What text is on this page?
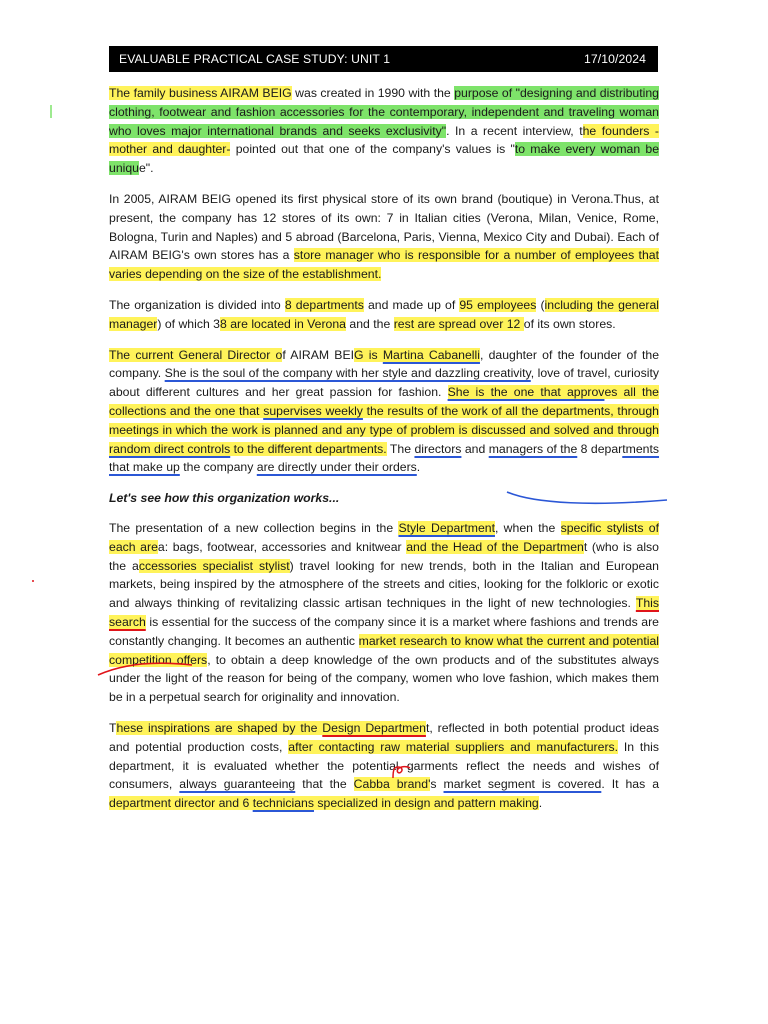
EVALUABLE PRACTICAL CASE STUDY: UNIT 1	17/10/2024

The family business AIRAM BEIG was created in 1990 with the purpose of "designing and distributing clothing, footwear and fashion accessories for the contemporary, independent and traveling woman who loves major international brands and seeks exclusivity". In a recent interview, the founders -mother and daughter- pointed out that one of the company's values is "to make every woman be unique".

In 2005, AIRAM BEIG opened its first physical store of its own brand (boutique) in Verona.Thus, at present, the company has 12 stores of its own: 7 in Italian cities (Verona, Milan, Venice, Rome, Bologna, Turin and Naples) and 5 abroad (Barcelona, Paris, Vienna, Mexico City and Dubai). Each of AIRAM BEIG's own stores has a store manager who is responsible for a number of employees that varies depending on the size of the establishment.

The organization is divided into 8 departments and made up of 95 employees (including the general manager) of which 38 are located in Verona and the rest are spread over 12 of its own stores.

The current General Director of AIRAM BEIG is Martina Cabanelli, daughter of the founder of the company. She is the soul of the company with her style and dazzling creativity, love of travel, curiosity about different cultures and her great passion for fashion. She is the one that approves all the collections and the one that supervises weekly the results of the work of all the departments, through meetings in which the work is planned and any type of problem is discussed and solved and through random direct controls to the different departments. The directors and managers of the 8 departments that make up the company are directly under their orders.

Let's see how this organization works...

The presentation of a new collection begins in the Style Department, when the specific stylists of each area: bags, footwear, accessories and knitwear and the Head of the Department (who is also the accessories specialist stylist) travel looking for new trends, both in the Italian and European markets, being inspired by the atmosphere of the streets and cities, looking for the folkloric or exotic and always thinking of revitalizing classic artisan techniques in the light of new technologies. This search is essential for the success of the company since it is a market where fashions and trends are constantly changing. It becomes an authentic market research to know what the current and potential competition offers, to obtain a deep knowledge of the own products and of the substitutes always under the light of the reason for being of the company, women who love fashion, which makes them be in a perpetual search for originality and innovation.

These inspirations are shaped by the Design Department, reflected in both potential product ideas and potential production costs, after contacting raw material suppliers and manufacturers. In this department, it is evaluated whether the potential garments reflect the needs and wishes of consumers, always guaranteeing that the Cabba brand's market segment is covered. It has a department director and 6 technicians specialized in design and pattern making.
